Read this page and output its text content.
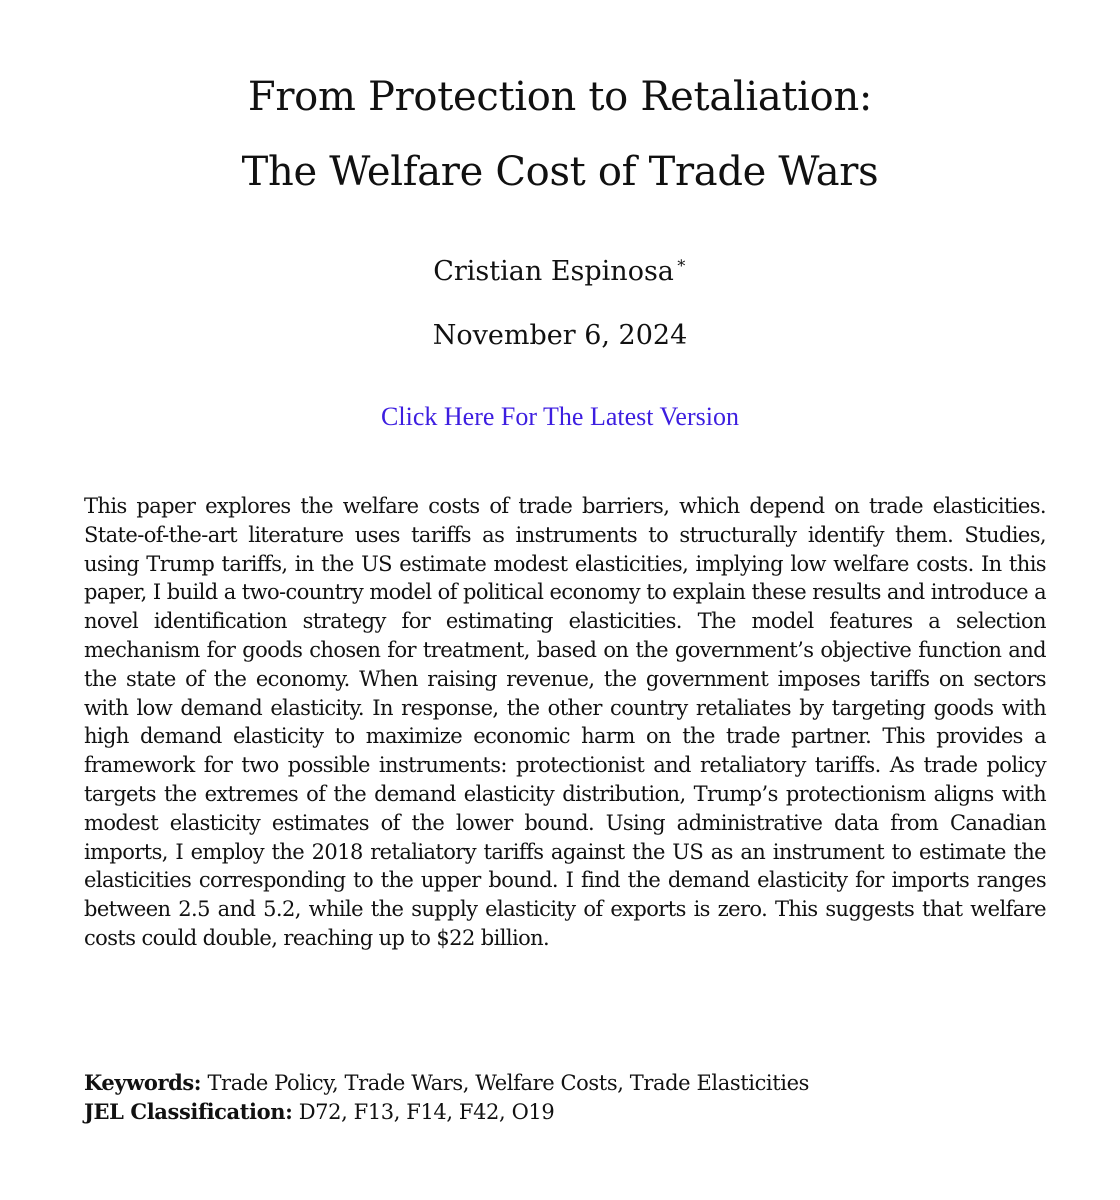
From Protection to Retaliation:
The Welfare Cost of Trade Wars
Cristian Espinosa ∗
November 6, 2024
Click Here For The Latest Version

This paper explores the welfare costs of trade barriers, which depend on trade elasticities. State-of-the-art literature uses tariffs as instruments to structurally identify them. Studies, using Trump tariffs, in the US estimate modest elasticities, implying low welfare costs. In this paper, I build a two-country model of political economy to explain these results and introduce a novel identification strategy for estimating elasticities. The model features a selection mechanism for goods chosen for treatment, based on the government’s objective function and the state of the economy. When raising revenue, the government imposes tariffs on sectors with low demand elasticity. In response, the other country retaliates by targeting goods with high demand elasticity to maximize economic harm on the trade partner. This provides a framework for two possible instruments: protectionist and retaliatory tariffs. As trade policy targets the extremes of the demand elasticity distribution, Trump’s protectionism aligns with modest elasticity estimates of the lower bound. Using administrative data from Canadian imports, I employ the 2018 retaliatory tariffs against the US as an instrument to estimate the elasticities corresponding to the upper bound. I find the demand elasticity for imports ranges between 2.5 and 5.2, while the supply elasticity of exports is zero. This suggests that welfare costs could double, reaching up to $22 billion.

Keywords: Trade Policy, Trade Wars, Welfare Costs, Trade Elasticities
JEL Classification: D72, F13, F14, F42, O19
